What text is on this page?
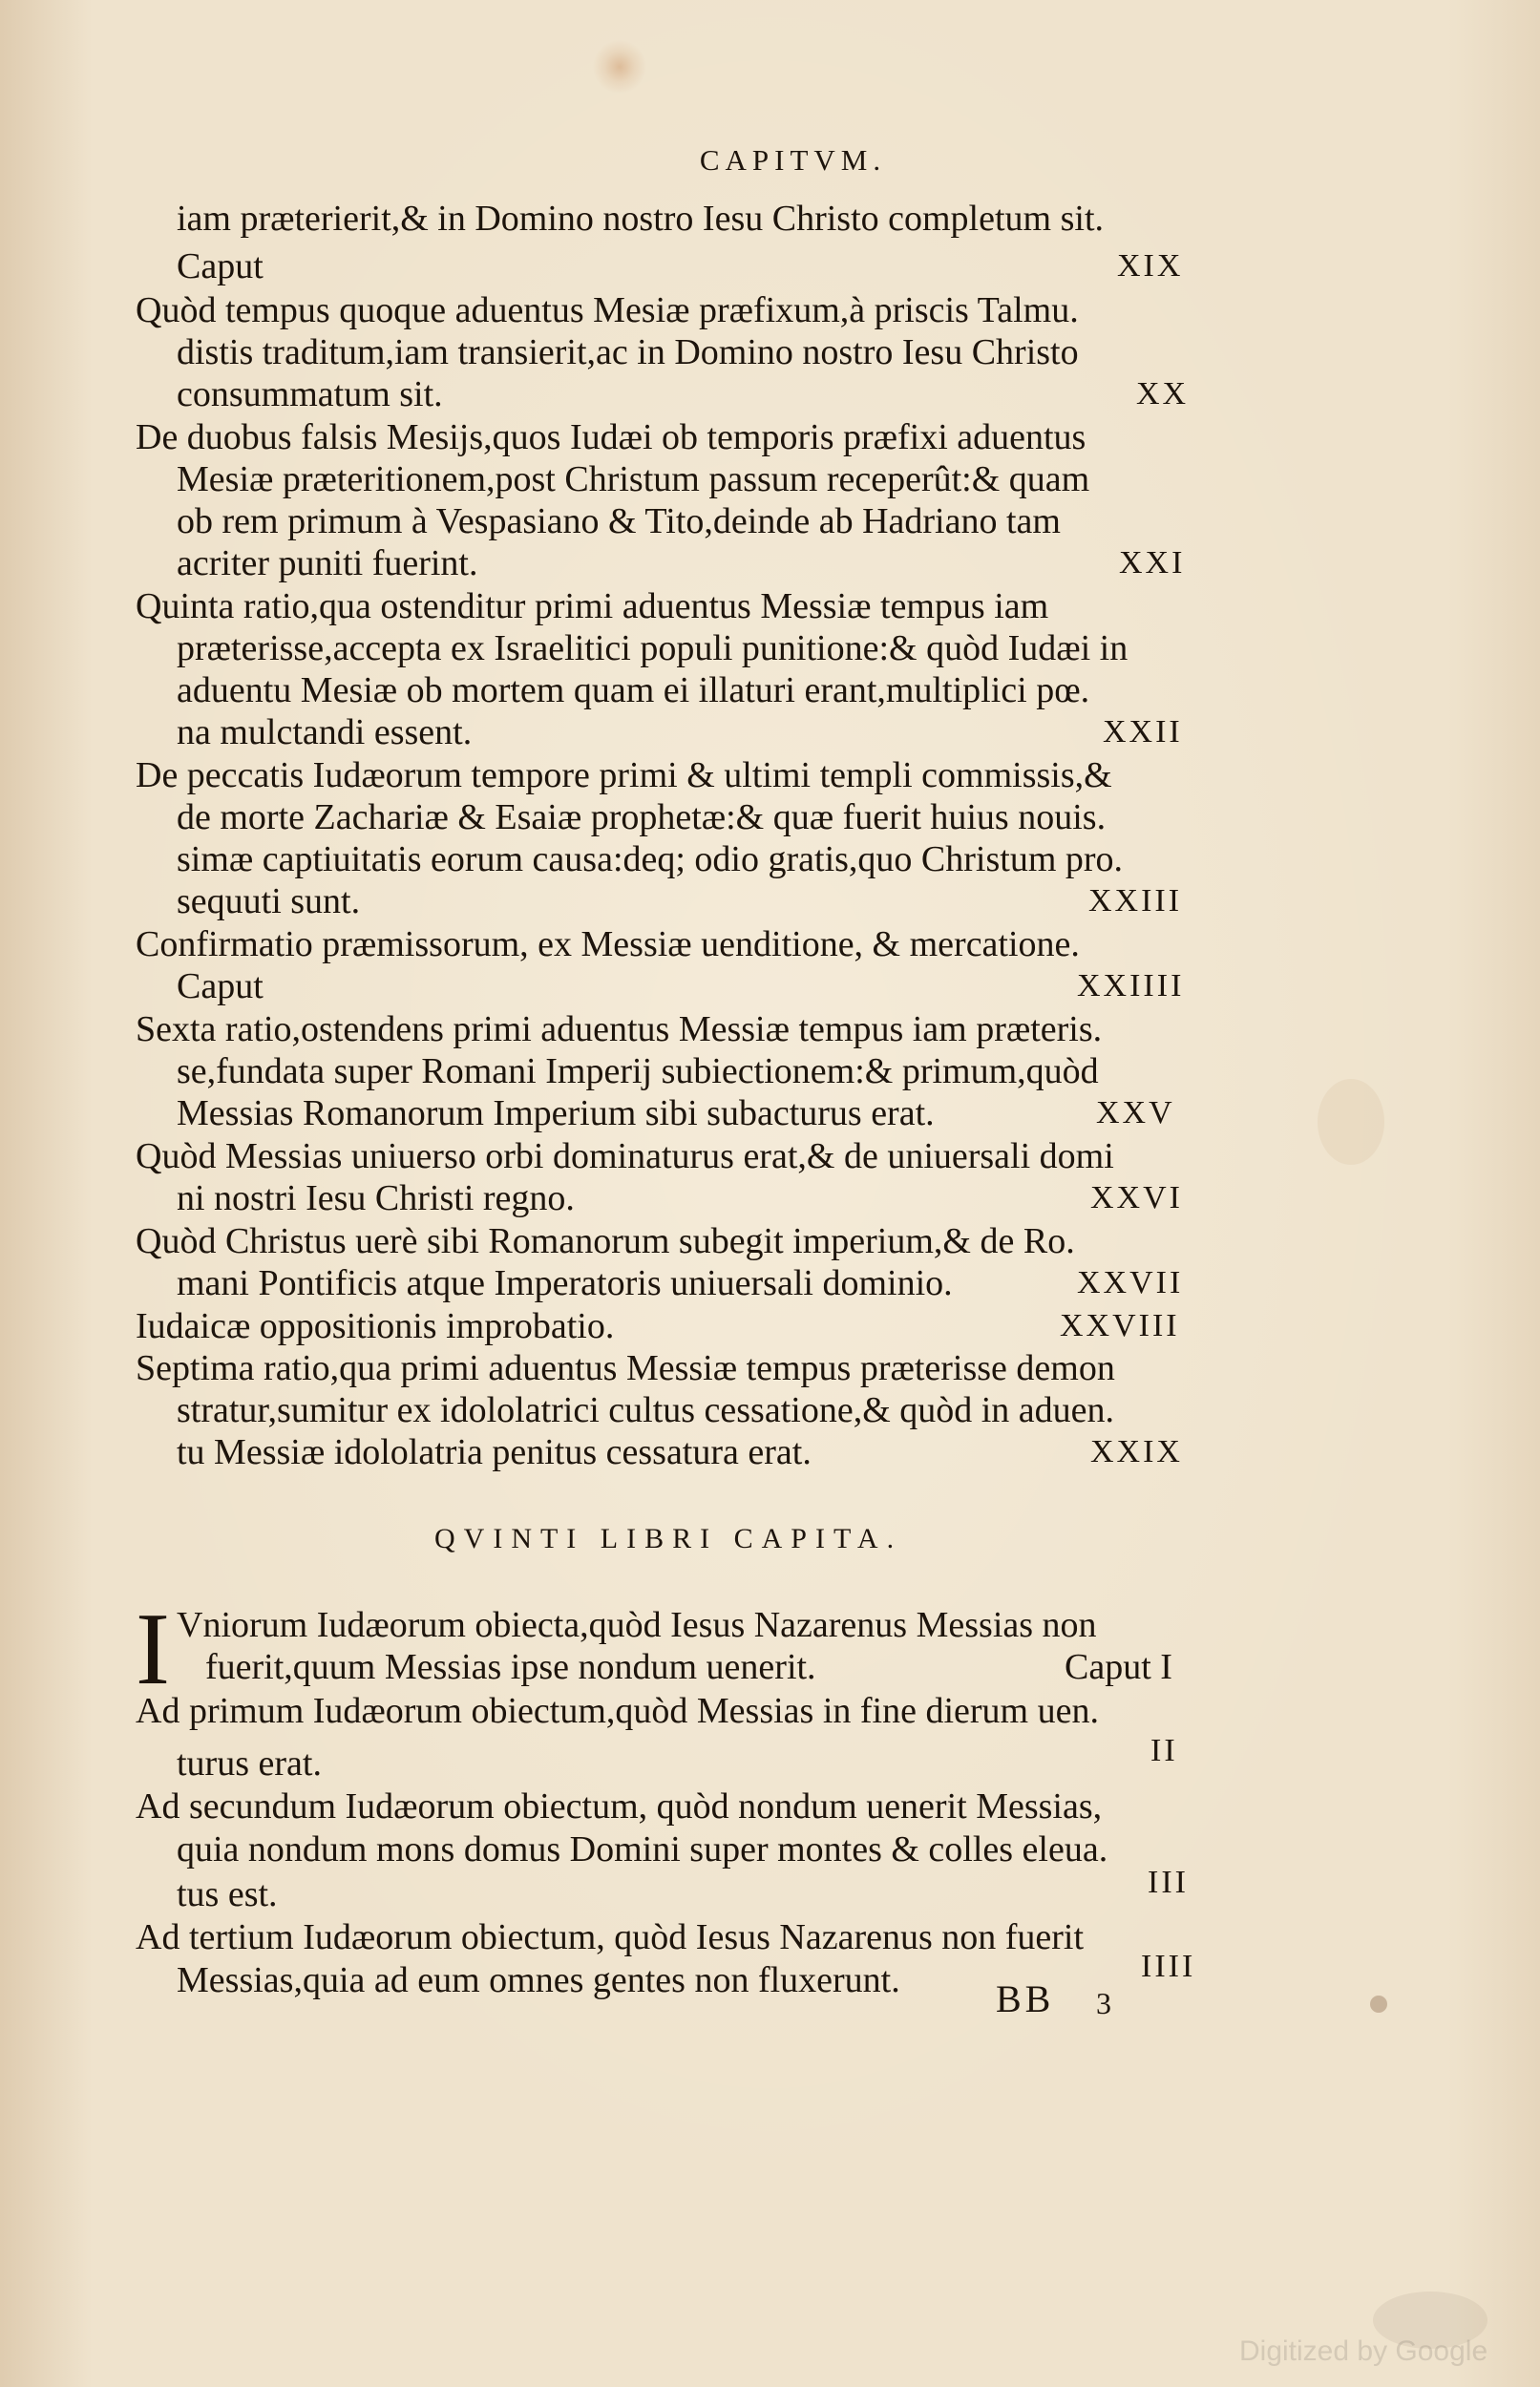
CAPITVM.
iam præterierit,& in Domino nostro Iesu Christo completum sit.
Caput	XIX
Quòd tempus quoque aduentus Mesiæ præfixum,à priscis Talmu.
distis traditum,iam transierit,ac in Domino nostro Iesu Christo
consummatum sit.	XX
De duobus falsis Mesijs,quos Iudæi ob temporis præfixi aduentus
Mesiæ præteritionem,post Christum passum receperût:& quam
ob rem primum à Vespasiano & Tito,deinde ab Hadriano tam
acriter puniti fuerint.	XXI
Quinta ratio,qua ostenditur primi aduentus Messiæ tempus iam
præterisse,accepta ex Israelitici populi punitione:& quòd Iudæi in
aduentu Mesiæ ob mortem quam ei illaturi erant,multiplici pœ.
na mulctandi essent.	XXII
De peccatis Iudæorum tempore primi & ultimi templi commissis,&
de morte Zachariæ & Esaiæ prophetæ:& quæ fuerit huius nouis.
simæ captiuitatis eorum causa:deq; odio gratis,quo Christum pro.
sequuti sunt.	XXIII
Confirmatio præmissorum, ex Messiæ uenditione, & mercatione.
Caput	XXIIII
Sexta ratio,ostendens primi aduentus Messiæ tempus iam præteris.
se,fundata super Romani Imperij subiectionem:& primum,quòd
Messias Romanorum Imperium sibi subacturus erat.	XXV
Quòd Messias uniuerso orbi dominaturus erat,& de uniuersali domi
ni nostri Iesu Christi regno.	XXVI
Quòd Christus uerè sibi Romanorum subegit imperium,& de Ro.
mani Pontificis atque Imperatoris uniuersali dominio.	XXVII
Iudaicæ oppositionis improbatio.	XXVIII
Septima ratio,qua primi aduentus Messiæ tempus præterisse demon
stratur,sumitur ex idololatrici cultus cessatione,& quòd in aduen.
tu Messiæ idololatria penitus cessatura erat.	XXIX
QVINTI LIBRI CAPITA.
I Vniorum Iudæorum obiecta,quòd Iesus Nazarenus Messias non
fuerit,quum Messias ipse nondum uenerit.	Caput I
Ad primum Iudæorum obiectum,quòd Messias in fine dierum uen.
turus erat.	II
Ad secundum Iudæorum obiectum, quòd nondum uenerit Messias,
quia nondum mons domus Domini super montes & colles eleua.
tus est.	III
Ad tertium Iudæorum obiectum, quòd Iesus Nazarenus non fuerit
Messias,quia ad eum omnes gentes non fluxerunt.	IIII
BB 3
Digitized by Google
